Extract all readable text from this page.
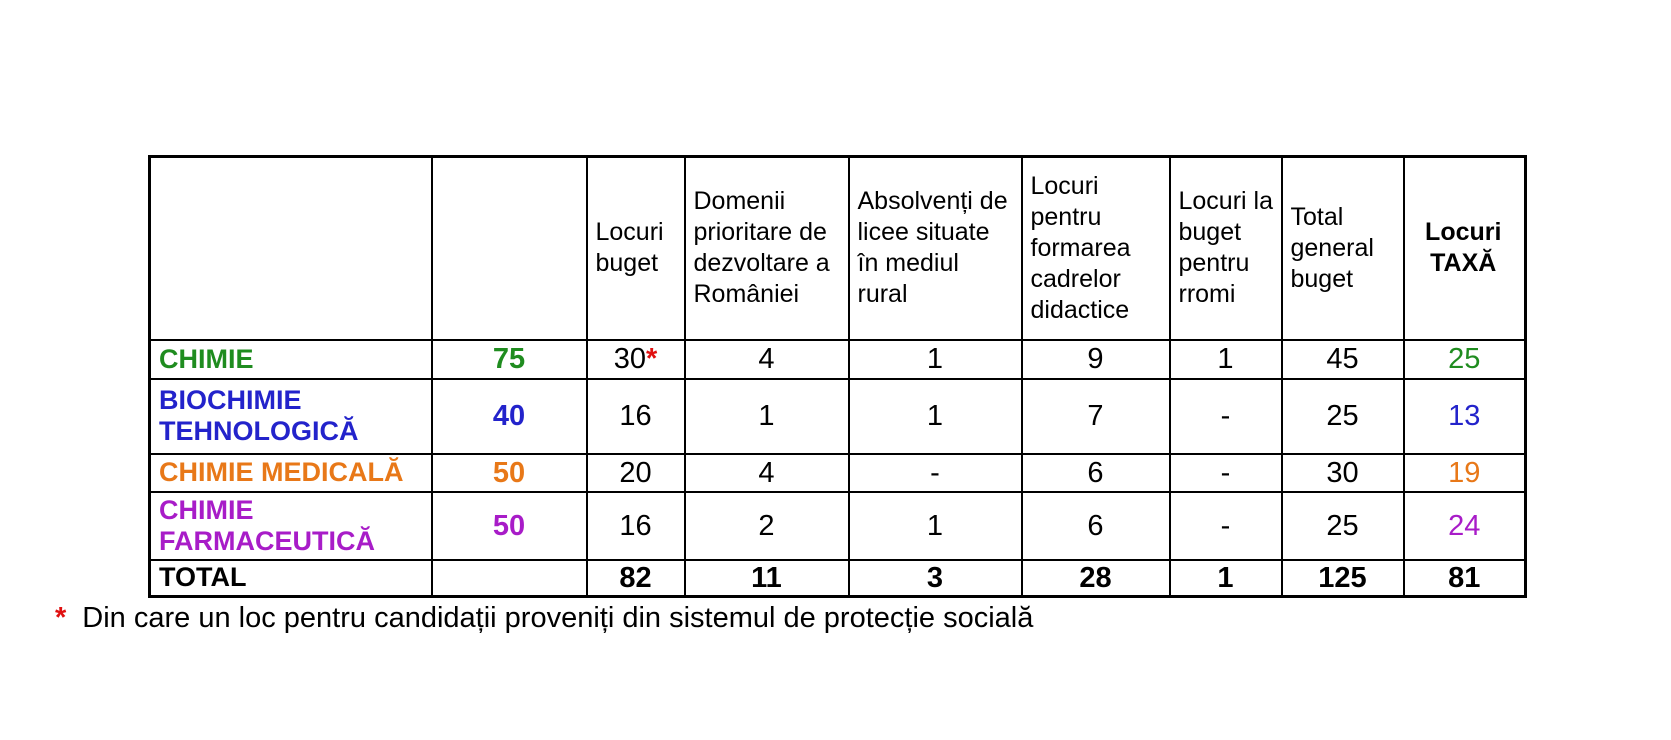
		Locuri buget	Domenii prioritare de dezvoltare a României	Absolvenți de licee situate în mediul rural	Locuri pentru formarea cadrelor didactice	Locuri la buget pentru rromi	Total general buget	Locuri TAXĂ
CHIMIE	75	30*	4	1	9	1	45	25
BIOCHIMIE TEHNOLOGICĂ	40	16	1	1	7	-	25	13
CHIMIE MEDICALĂ	50	20	4	-	6	-	30	19
CHIMIE FARMACEUTICĂ	50	16	2	1	6	-	25	24
TOTAL		82	11	3	28	1	125	81
* Din care un loc pentru candidații proveniți din sistemul de protecție socială
